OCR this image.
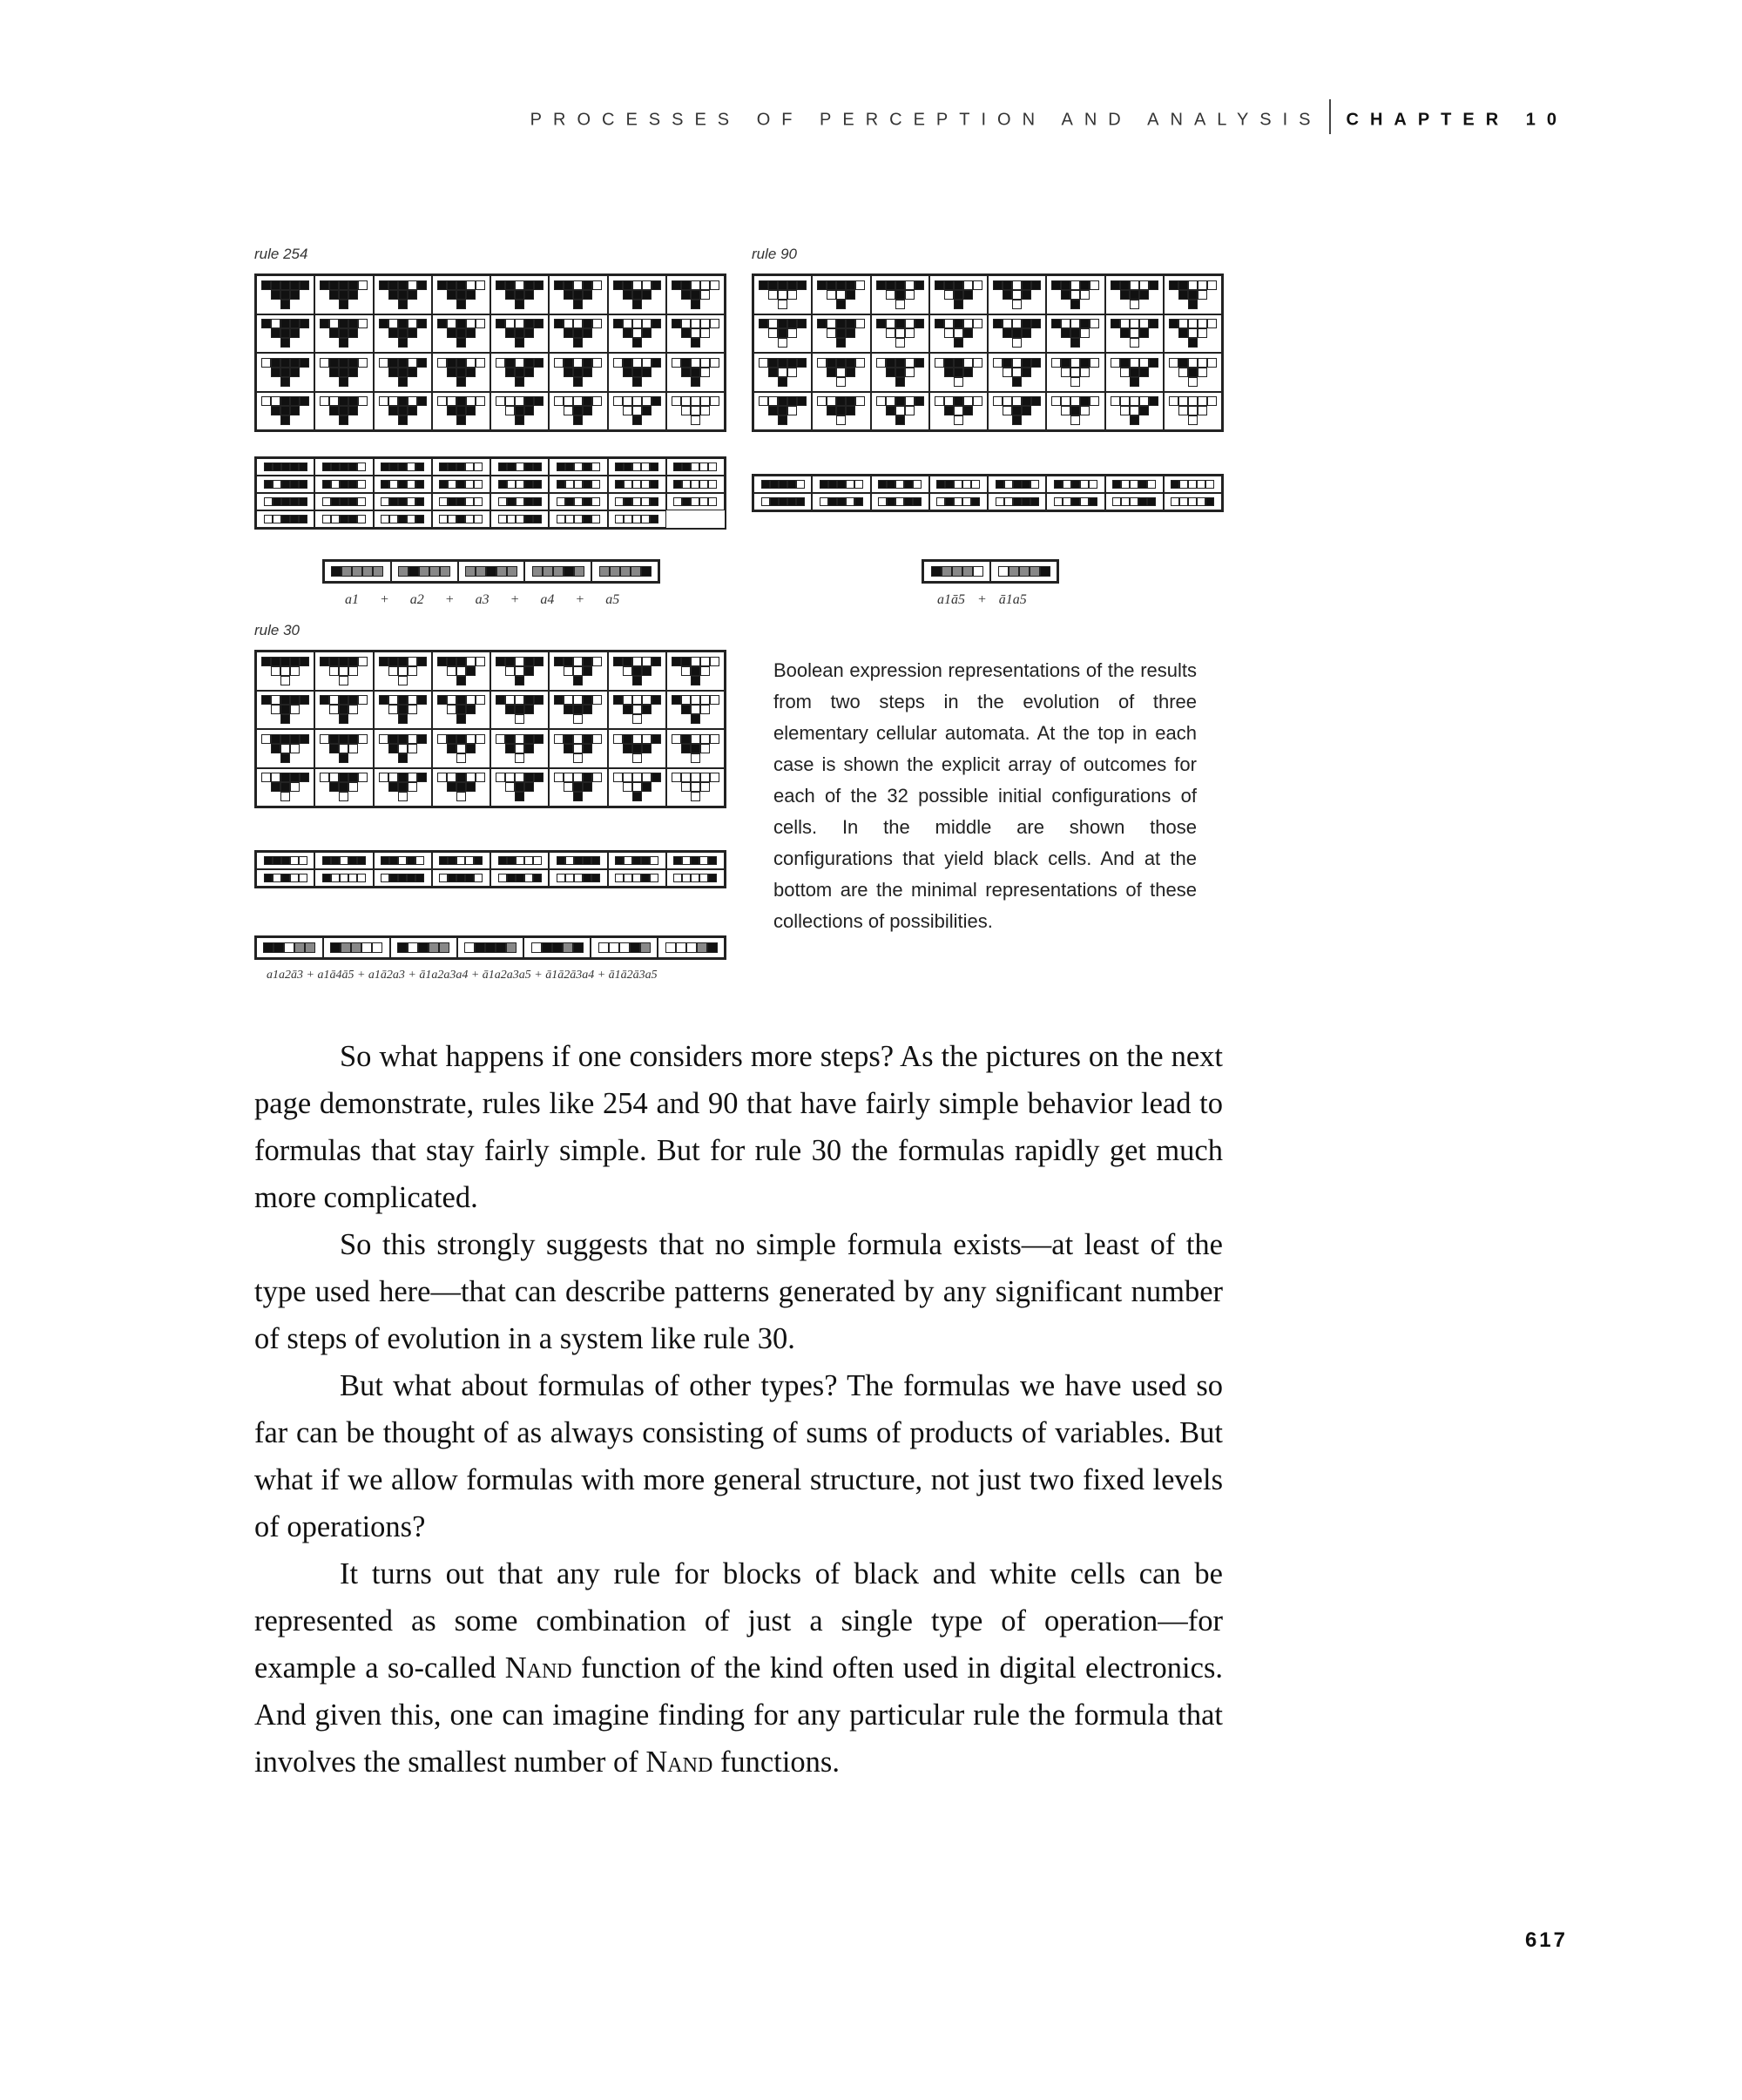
PROCESSES OF PERCEPTION AND ANALYSIS CHAPTER 10
rule 254	rule 90
rule 30
a1 + a2 + a3 + a4 + a5	a1ā5 + ā1a5
a1a2ā3 + a1ā4ā5 + a1ā2a3 + ā1a2a3a4 + ā1a2a3a5 + ā1ā2ā3a4 + ā1ā2ā3a5
Boolean expression representations of the results from two steps in the evolution of three elementary cellular automata. At the top in each case is shown the explicit array of outcomes for each of the 32 possible initial configurations of cells. In the middle are shown those configurations that yield black cells. And at the bottom are the minimal representations of these collections of possibilities.

So what happens if one considers more steps? As the pictures on the next page demonstrate, rules like 254 and 90 that have fairly simple behavior lead to formulas that stay fairly simple. But for rule 30 the formulas rapidly get much more complicated.

So this strongly suggests that no simple formula exists—at least of the type used here—that can describe patterns generated by any significant number of steps of evolution in a system like rule 30.

But what about formulas of other types? The formulas we have used so far can be thought of as always consisting of sums of products of variables. But what if we allow formulas with more general structure, not just two fixed levels of operations?

It turns out that any rule for blocks of black and white cells can be represented as some combination of just a single type of operation—for example a so-called Nand function of the kind often used in digital electronics. And given this, one can imagine finding for any particular rule the formula that involves the smallest number of Nand functions.

617
